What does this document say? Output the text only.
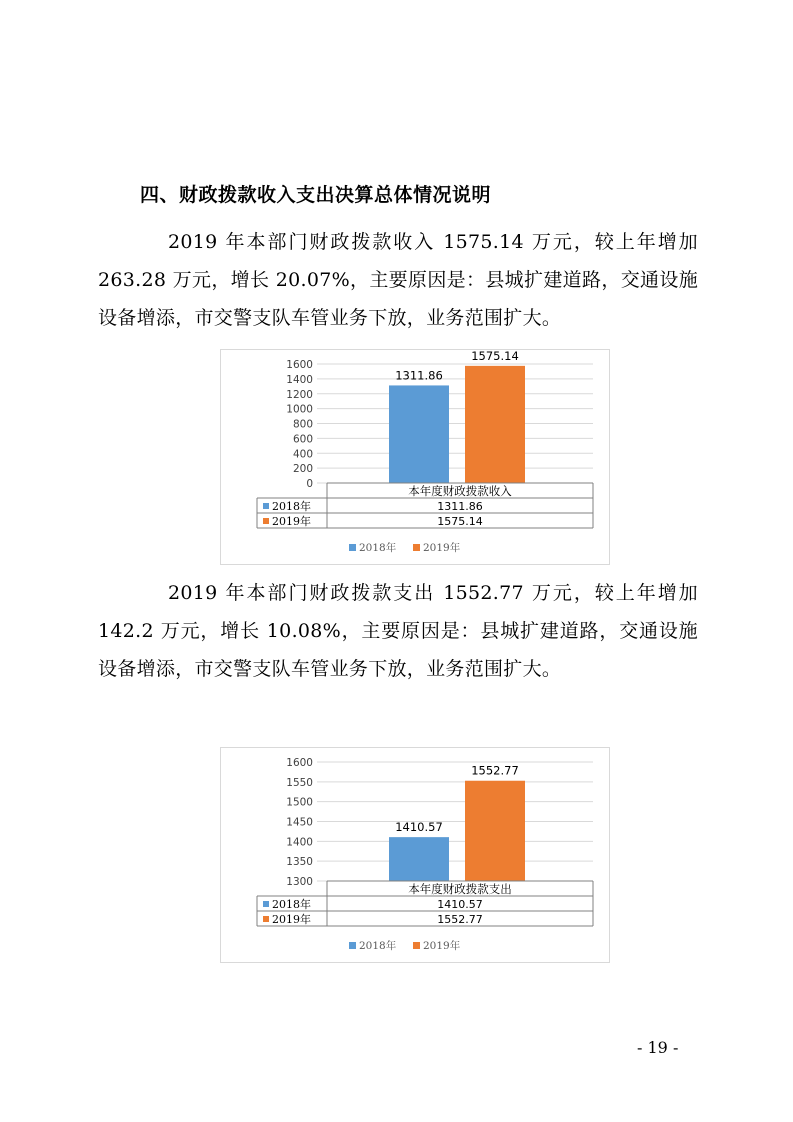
四、财政拨款收入支出决算总体情况说明
2019 年本部门财政拨款收入 1575.14 万元，较上年增加 263.28 万元，增长 20.07%，主要原因是：县城扩建道路，交通设施设备增添，市交警支队车管业务下放，业务范围扩大。
1600
1400
1200
1000
800
600
400
200
0
1311.86
1575.14
本年度财政拨款收入
2018年	1311.86
2019年	1575.14
2018年	2019年
2019 年本部门财政拨款支出 1552.77 万元，较上年增加 142.2 万元，增长 10.08%，主要原因是：县城扩建道路，交通设施设备增添，市交警支队车管业务下放，业务范围扩大。
1600
1550
1500
1450
1400
1350
1300
1410.57
1552.77
本年度财政拨款支出
2018年	1410.57
2019年	1552.77
2018年	2019年
- 19 -
